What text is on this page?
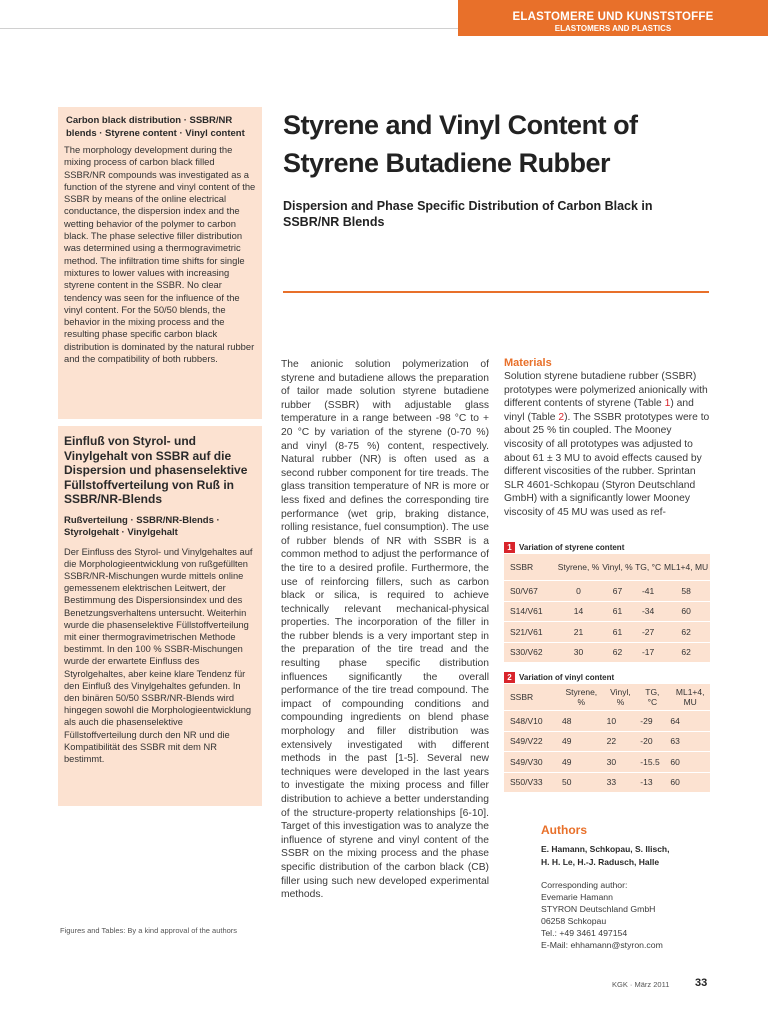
ELASTOMERE UND KUNSTSTOFFE
ELASTOMERS AND PLASTICS
Carbon black distribution · SSBR/NR blends · Styrene content · Vinyl content
The morphology development during the mixing process of carbon black filled SSBR/NR compounds was investigated as a function of the styrene and vinyl content of the SSBR by means of the online electrical conductance, the dispersion index and the wetting behavior of the polymer to carbon black. The phase selective filler distribution was determined using a thermogravimetric method. The infiltration time shifts for single mixtures to lower values with increasing styrene content in the SSBR. No clear tendency was seen for the influence of the vinyl content. For the 50/50 blends, the behavior in the mixing process and the resulting phase specific carbon black distribution is dominated by the natural rubber and the compatibility of both rubbers.
Einfluß von Styrol- und Vinylgehalt von SSBR auf die Dispersion und phasenselektive Füllstoffverteilung von Ruß in SSBR/NR-Blends
Rußverteilung · SSBR/NR-Blends · Styrolgehalt · Vinylgehalt
Der Einfluss des Styrol- und Vinylgehaltes auf die Morphologieentwicklung von rußgefüllten SSBR/NR-Mischungen wurde mittels online gemessenem elektrischen Leitwert, der Bestimmung des Dispersionsindex und des Benetzungsverhaltens untersucht. Weiterhin wurde die phasenselektive Füllstoffverteilung mit einer thermogravimetrischen Methode bestimmt. In den 100 % SSBR-Mischungen wurde der erwartete Einfluss des Styrolgehaltes, aber keine klare Tendenz für den Einfluß des Vinylgehaltes gefunden. In den binären 50/50 SSBR/NR-Blends wird hingegen sowohl die Morphologieentwicklung als auch die phasenselektive Füllstoffverteilung durch den NR und die Kompatibilität des SSBR mit dem NR bestimmt.
Figures and Tables: By a kind approval of the authors
Styrene and Vinyl Content of Styrene Butadiene Rubber
Dispersion and Phase Specific Distribution of Carbon Black in SSBR/NR Blends

The anionic solution polymerization of styrene and butadiene allows the preparation of tailor made solution styrene butadiene rubber (SSBR) with adjustable glass temperature in a range between -98 °C to + 20 °C by variation of the styrene (0-70 %) and vinyl (8-75 %) content, respectively. Natural rubber (NR) is often used as a second rubber component for tire treads. The glass transition temperature of NR is more or less fixed and defines the corresponding tire performance (wet grip, braking distance, rolling resistance, fuel consumption). The use of rubber blends of NR with SSBR is a common method to adjust the performance of the tire to a desired profile. Furthermore, the use of reinforcing fillers, such as carbon black or silica, is required to achieve technically relevant mechanical-physical properties. The incorporation of the filler in the rubber blends is a very important step in the preparation of the tire tread and the resulting phase specific distribution influences significantly the overall performance of the tire tread compound. The impact of compounding conditions and compounding ingredients on blend phase morphology and filler distribution was extensively investigated with different methods in the past [1-5]. Several new techniques were developed in the last years to investigate the mixing process and filler distribution to achieve a better understanding of the structure-property relationships [6-10]. Target of this investigation was to analyze the influence of styrene and vinyl content of the SSBR on the mixing process and the phase specific distribution of the carbon black (CB) filler using such new developed experimental methods.

Materials
Solution styrene butadiene rubber (SSBR) prototypes were polymerized anionically with different contents of styrene (Table 1) and vinyl (Table 2). The SSBR prototypes were to about 25 % tin coupled. The Mooney viscosity of all prototypes was adjusted to about 61 ± 3 MU to avoid effects caused by different viscosities of the rubber. Sprintan SLR 4601-Schkopau (Styron Deutschland GmbH) with a significantly lower Mooney viscosity of 45 MU was used as ref-
1 Variation of styrene content
SSBR	Styrene, %	Vinyl, %	TG, °C	ML1+4, MU
S0/V67	0	67	-41	58
S14/V61	14	61	-34	60
S21/V61	21	61	-27	62
S30/V62	30	62	-17	62
2 Variation of vinyl content
SSBR	Styrene, %	Vinyl, %	TG, °C	ML1+4, MU
S48/V10	48	10	-29	64
S49/V22	49	22	-20	63
S49/V30	49	30	-15.5	60
S50/V33	50	33	-13	60
Authors
E. Hamann, Schkopau, S. Ilisch,
H. H. Le, H.-J. Radusch, Halle
Corresponding author:
Evemarie Hamann
STYRON Deutschland GmbH
06258 Schkopau
Tel.: +49 3461 497154
E-Mail: ehhamann@styron.com
KGK · März 2011 33
